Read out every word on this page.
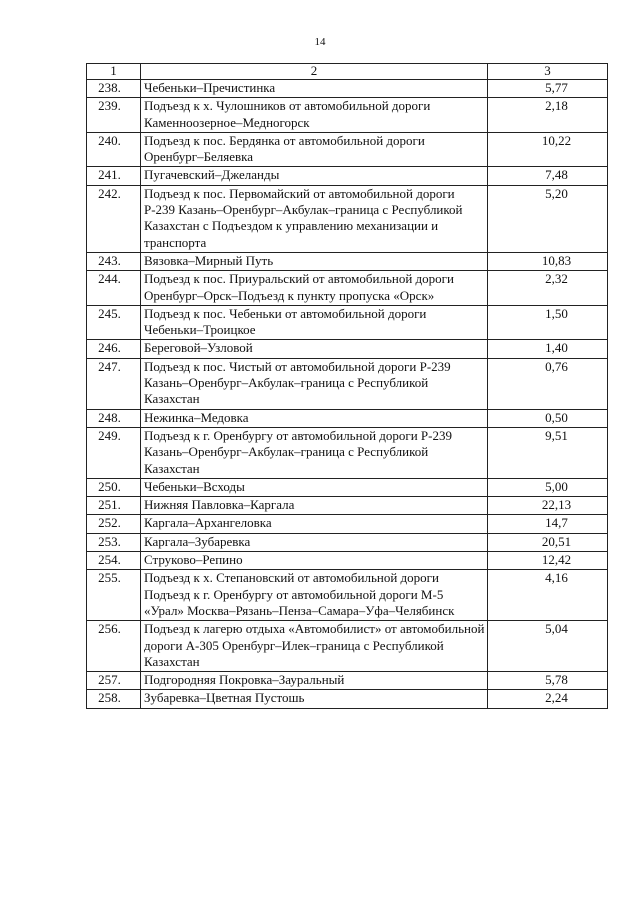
14
1	2	3
238.	Чебеньки–Пречистинка	5,77
239.	Подъезд к х. Чулошников от автомобильной дороги Каменноозерное–Медногорск	2,18
240.	Подъезд к пос. Бердянка от автомобильной дороги Оренбург–Беляевка	10,22
241.	Пугачевский–Джеланды	7,48
242.	Подъезд к пос. Первомайский от автомобильной дороги Р-239 Казань–Оренбург–Акбулак–граница с Республикой Казахстан с Подъездом к управлению механизации и транспорта	5,20
243.	Вязовка–Мирный Путь	10,83
244.	Подъезд к пос. Приуральский от автомобильной дороги Оренбург–Орск–Подъезд к пункту пропуска «Орск»	2,32
245.	Подъезд к пос. Чебеньки от автомобильной дороги Чебеньки–Троицкое	1,50
246.	Береговой–Узловой	1,40
247.	Подъезд к пос. Чистый от автомобильной дороги Р-239 Казань–Оренбург–Акбулак–граница с Республикой Казахстан	0,76
248.	Нежинка–Медовка	0,50
249.	Подъезд к г. Оренбургу от автомобильной дороги Р-239 Казань–Оренбург–Акбулак–граница с Республикой Казахстан	9,51
250.	Чебеньки–Всходы	5,00
251.	Нижняя Павловка–Каргала	22,13
252.	Каргала–Архангеловка	14,7
253.	Каргала–Зубаревка	20,51
254.	Струково–Репино	12,42
255.	Подъезд к х. Степановский от автомобильной дороги Подъезд к г. Оренбургу от автомобильной дороги М-5 «Урал» Москва–Рязань–Пенза–Самара–Уфа–Челябинск	4,16
256.	Подъезд к лагерю отдыха «Автомобилист» от автомобильной дороги А-305 Оренбург–Илек–граница с Республикой Казахстан	5,04
257.	Подгородняя Покровка–Зауральный	5,78
258.	Зубаревка–Цветная Пустошь	2,24
